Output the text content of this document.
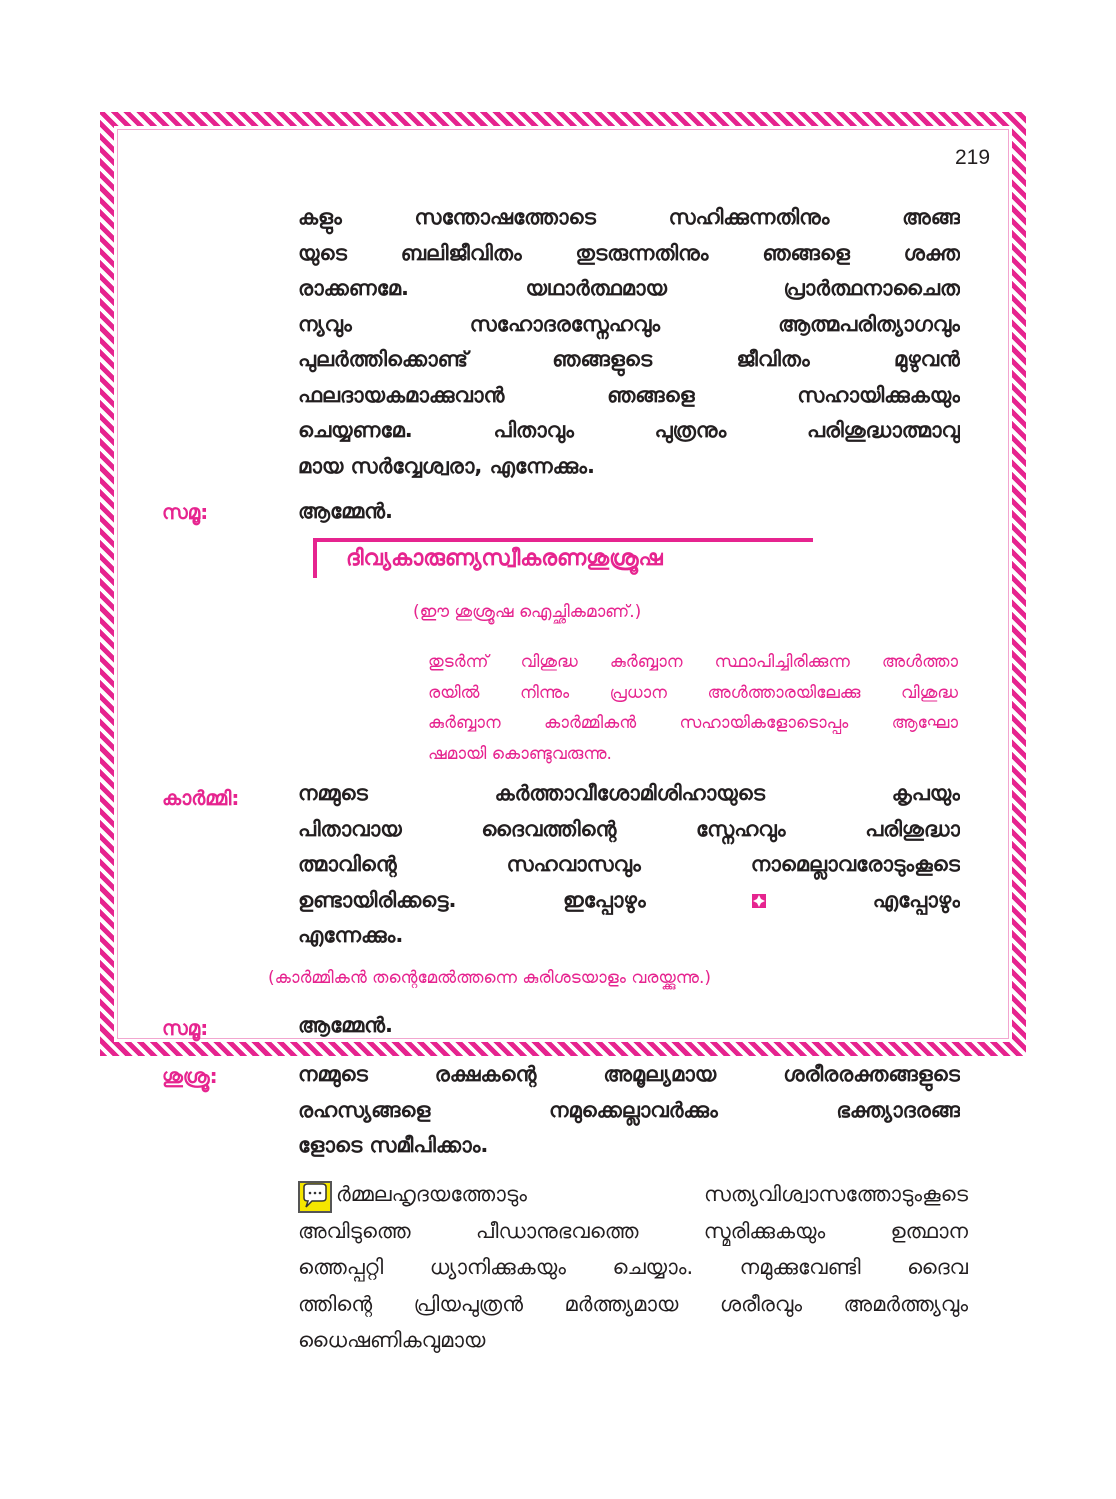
219
കളും സന്തോഷത്തോടെ സഹിക്കുന്നതിനും അങ്ങ
യുടെ ബലിജീവിതം തുടരുന്നതിനും ഞങ്ങളെ ശക്ത
രാക്കണമേ. യഥാർത്ഥമായ പ്രാർത്ഥനാചൈത
ന്യവും സഹോദരസ്നേഹവും ആത്മപരിത്യാഗവും
പുലർത്തിക്കൊണ്ട് ഞങ്ങളുടെ ജീവിതം മുഴുവൻ
ഫലദായകമാക്കുവാൻ ഞങ്ങളെ സഹായിക്കുകയും
ചെയ്യണമേ. പിതാവും പുത്രനും പരിശുദ്ധാത്മാവു
മായ സർവ്വേശ്വരാ, എന്നേക്കും.
സമൂ:	ആമ്മേൻ.
ദിവ്യകാരുണ്യസ്വീകരണശുശ്രൂഷ
(ഈ ശുശ്രൂഷ ഐച്ഛികമാണ്.)
തുടർന്ന് വിശുദ്ധ കുർബ്ബാന സ്ഥാപിച്ചിരിക്കുന്ന അൾത്താ
രയിൽ നിന്നും പ്രധാന അൾത്താരയിലേക്കു വിശുദ്ധ
കുർബ്ബാന കാർമ്മികൻ സഹായികളോടൊപ്പം ആഘോ
ഷമായി കൊണ്ടുവരുന്നു.
കാർമ്മി:	നമ്മുടെ കർത്താവീശോമിശിഹായുടെ കൃപയും
പിതാവായ ദൈവത്തിന്റെ സ്നേഹവും പരിശുദ്ധാ
ത്മാവിന്റെ സഹവാസവും നാമെല്ലാവരോടുംകൂടെ
ഉണ്ടായിരിക്കട്ടെ. ഇപ്പോഴും	എപ്പോഴും
എന്നേക്കും.
(കാർമ്മികൻ തന്റെമേൽത്തന്നെ കുരിശടയാളം വരയ്ക്കുന്നു.)
സമൂ:	ആമ്മേൻ.
ശുശ്രൂ:	നമ്മുടെ രക്ഷകന്റെ അമൂല്യമായ ശരീരരക്തങ്ങളുടെ
രഹസ്യങ്ങളെ നമുക്കെല്ലാവർക്കും ഭക്ത്യാദരങ്ങ
ളോടെ സമീപിക്കാം.
ർമ്മലഹൃദയത്തോടും സത്യവിശ്വാസത്തോടുംകൂടെ
അവിടുത്തെ പീഡാനുഭവത്തെ സ്മരിക്കുകയും ഉത്ഥാന
ത്തെപ്പറ്റി ധ്യാനിക്കുകയും ചെയ്യാം. നമുക്കുവേണ്ടി ദൈവ
ത്തിന്റെ പ്രിയപുത്രൻ മർത്ത്യമായ ശരീരവും അമർത്ത്യവും
ധൈഷണികവുമായ
